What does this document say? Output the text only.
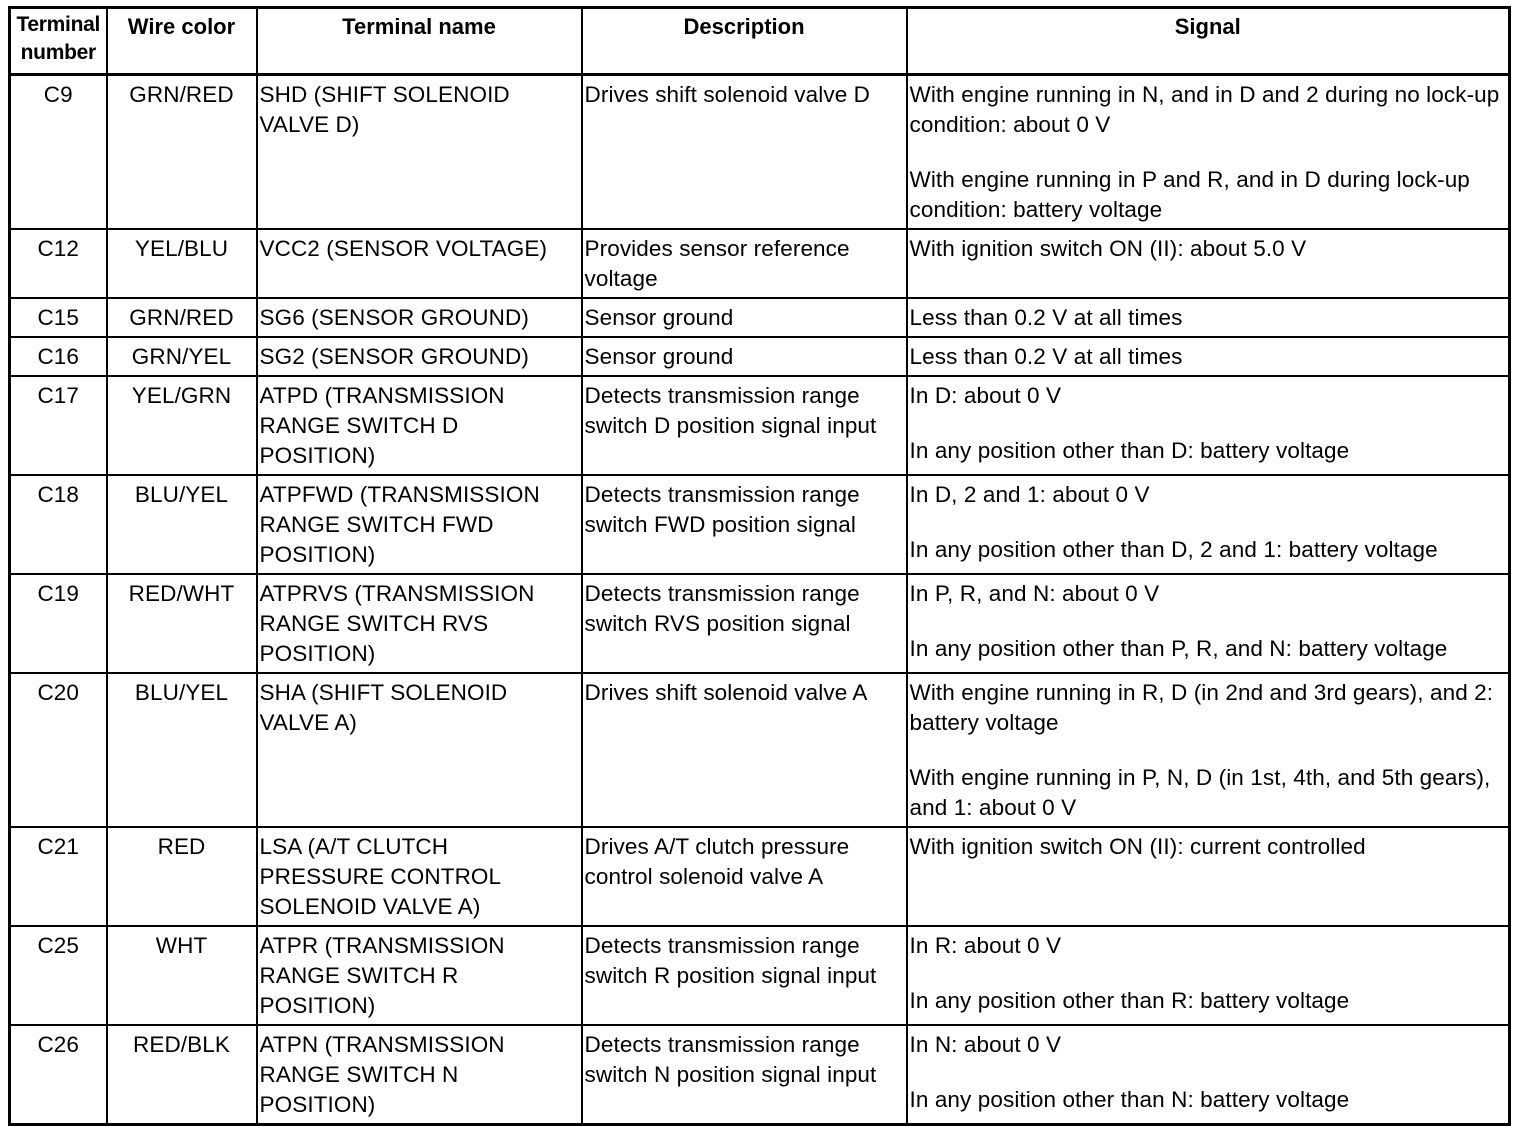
Terminal number	Wire color	Terminal name	Description	Signal
C9	GRN/RED	SHD (SHIFT SOLENOID VALVE D)	Drives shift solenoid valve D	With engine running in N, and in D and 2 during no lock-up condition: about 0 V
With engine running in P and R, and in D during lock-up condition: battery voltage

C12	YEL/BLU	VCC2 (SENSOR VOLTAGE)	Provides sensor reference voltage	With ignition switch ON (II): about 5.0 V

C15	GRN/RED	SG6 (SENSOR GROUND)	Sensor ground	Less than 0.2 V at all times

C16	GRN/YEL	SG2 (SENSOR GROUND)	Sensor ground	Less than 0.2 V at all times

C17	YEL/GRN	ATPD (TRANSMISSION RANGE SWITCH D POSITION)	Detects transmission range switch D position signal input	In D: about 0 V
In any position other than D: battery voltage

C18	BLU/YEL	ATPFWD (TRANSMISSION RANGE SWITCH FWD POSITION)	Detects transmission range switch FWD position signal	In D, 2 and 1: about 0 V
In any position other than D, 2 and 1: battery voltage

C19	RED/WHT	ATPRVS (TRANSMISSION RANGE SWITCH RVS POSITION)	Detects transmission range switch RVS position signal	In P, R, and N: about 0 V
In any position other than P, R, and N: battery voltage

C20	BLU/YEL	SHA (SHIFT SOLENOID VALVE A)	Drives shift solenoid valve A	With engine running in R, D (in 2nd and 3rd gears), and 2: battery voltage
With engine running in P, N, D (in 1st, 4th, and 5th gears), and 1: about 0 V

C21	RED	LSA (A/T CLUTCH PRESSURE CONTROL SOLENOID VALVE A)	Drives A/T clutch pressure control solenoid valve A	With ignition switch ON (II): current controlled

C25	WHT	ATPR (TRANSMISSION RANGE SWITCH R POSITION)	Detects transmission range switch R position signal input	In R: about 0 V
In any position other than R: battery voltage

C26	RED/BLK	ATPN (TRANSMISSION RANGE SWITCH N POSITION)	Detects transmission range switch N position signal input	In N: about 0 V
In any position other than N: battery voltage
